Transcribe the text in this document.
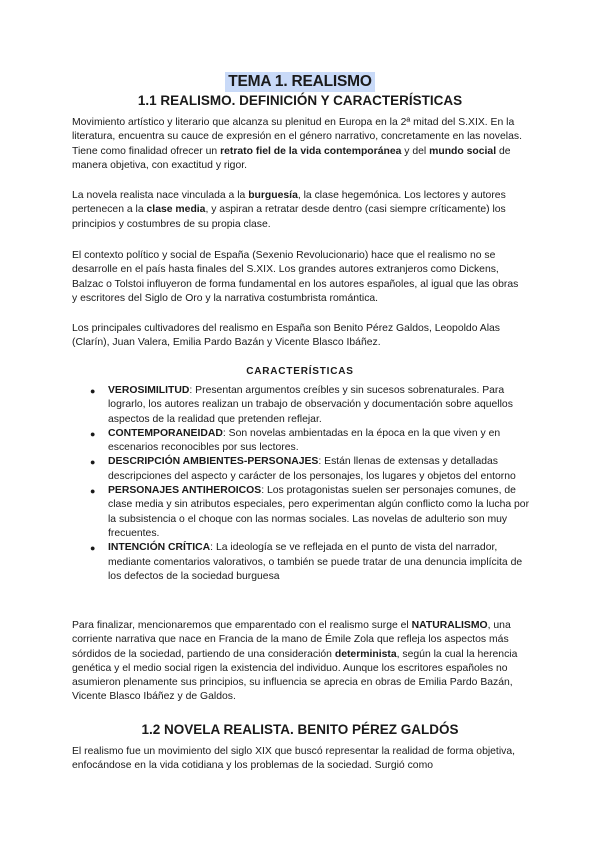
TEMA 1. REALISMO
1.1 REALISMO. DEFINICIÓN Y CARACTERÍSTICAS

Movimiento artístico y literario que alcanza su plenitud en Europa en la 2ª mitad del S.XIX. En la literatura, encuentra su cauce de expresión en el género narrativo, concretamente en las novelas. Tiene como finalidad ofrecer un retrato fiel de la vida contemporánea y del mundo social de manera objetiva, con exactitud y rigor.

La novela realista nace vinculada a la burguesía, la clase hegemónica. Los lectores y autores pertenecen a la clase media, y aspiran a retratar desde dentro (casi siempre críticamente) los principios y costumbres de su propia clase.

El contexto político y social de España (Sexenio Revolucionario) hace que el realismo no se desarrolle en el país hasta finales del S.XIX. Los grandes autores extranjeros como Dickens, Balzac o Tolstoi influyeron de forma fundamental en los autores españoles, al igual que las obras y escritores del Siglo de Oro y la narrativa costumbrista romántica.

Los principales cultivadores del realismo en España son Benito Pérez Galdos, Leopoldo Alas (Clarín), Juan Valera, Emilia Pardo Bazán y Vicente Blasco Ibáñez.

CARACTERÍSTICAS
● VEROSIMILITUD: Presentan argumentos creíbles y sin sucesos sobrenaturales. Para lograrlo, los autores realizan un trabajo de observación y documentación sobre aquellos aspectos de la realidad que pretenden reflejar.
● CONTEMPORANEIDAD: Son novelas ambientadas en la época en la que viven y en escenarios reconocibles por sus lectores.
● DESCRIPCIÓN AMBIENTES-PERSONAJES: Están llenas de extensas y detalladas descripciones del aspecto y carácter de los personajes, los lugares y objetos del entorno
● PERSONAJES ANTIHEROICOS: Los protagonistas suelen ser personajes comunes, de clase media y sin atributos especiales, pero experimentan algún conflicto como la lucha por la subsistencia o el choque con las normas sociales. Las novelas de adulterio son muy frecuentes.
● INTENCIÓN CRÍTICA: La ideología se ve reflejada en el punto de vista del narrador, mediante comentarios valorativos, o también se puede tratar de una denuncia implícita de los defectos de la sociedad burguesa

Para finalizar, mencionaremos que emparentado con el realismo surge el NATURALISMO, una corriente narrativa que nace en Francia de la mano de Émile Zola que refleja los aspectos más sórdidos de la sociedad, partiendo de una consideración determinista, según la cual la herencia genética y el medio social rigen la existencia del individuo. Aunque los escritores españoles no asumieron plenamente sus principios, su influencia se aprecia en obras de Emilia Pardo Bazán, Vicente Blasco Ibáñez y de Galdos.

1.2 NOVELA REALISTA. BENITO PÉREZ GALDÓS

El realismo fue un movimiento del siglo XIX que buscó representar la realidad de forma objetiva, enfocándose en la vida cotidiana y los problemas de la sociedad. Surgió como
